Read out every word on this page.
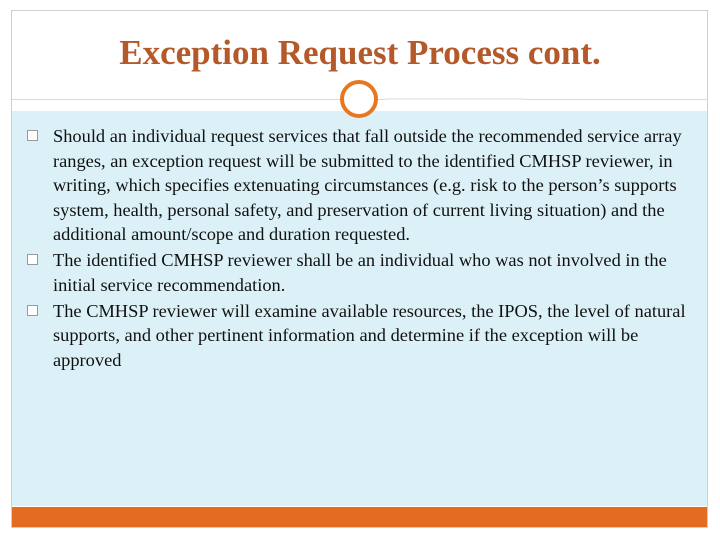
Exception Request Process cont.
Should an individual request services that fall outside the recommended service array ranges, an exception request will be submitted to the identified CMHSP reviewer, in writing, which specifies extenuating circumstances (e.g. risk to the person’s supports system, health, personal safety, and preservation of current living situation) and the additional amount/scope and duration requested.
The identified CMHSP reviewer shall be an individual who was not involved in the initial service recommendation.
The CMHSP reviewer will examine available resources, the IPOS, the level of natural supports, and other pertinent information and determine if the exception will be approved
